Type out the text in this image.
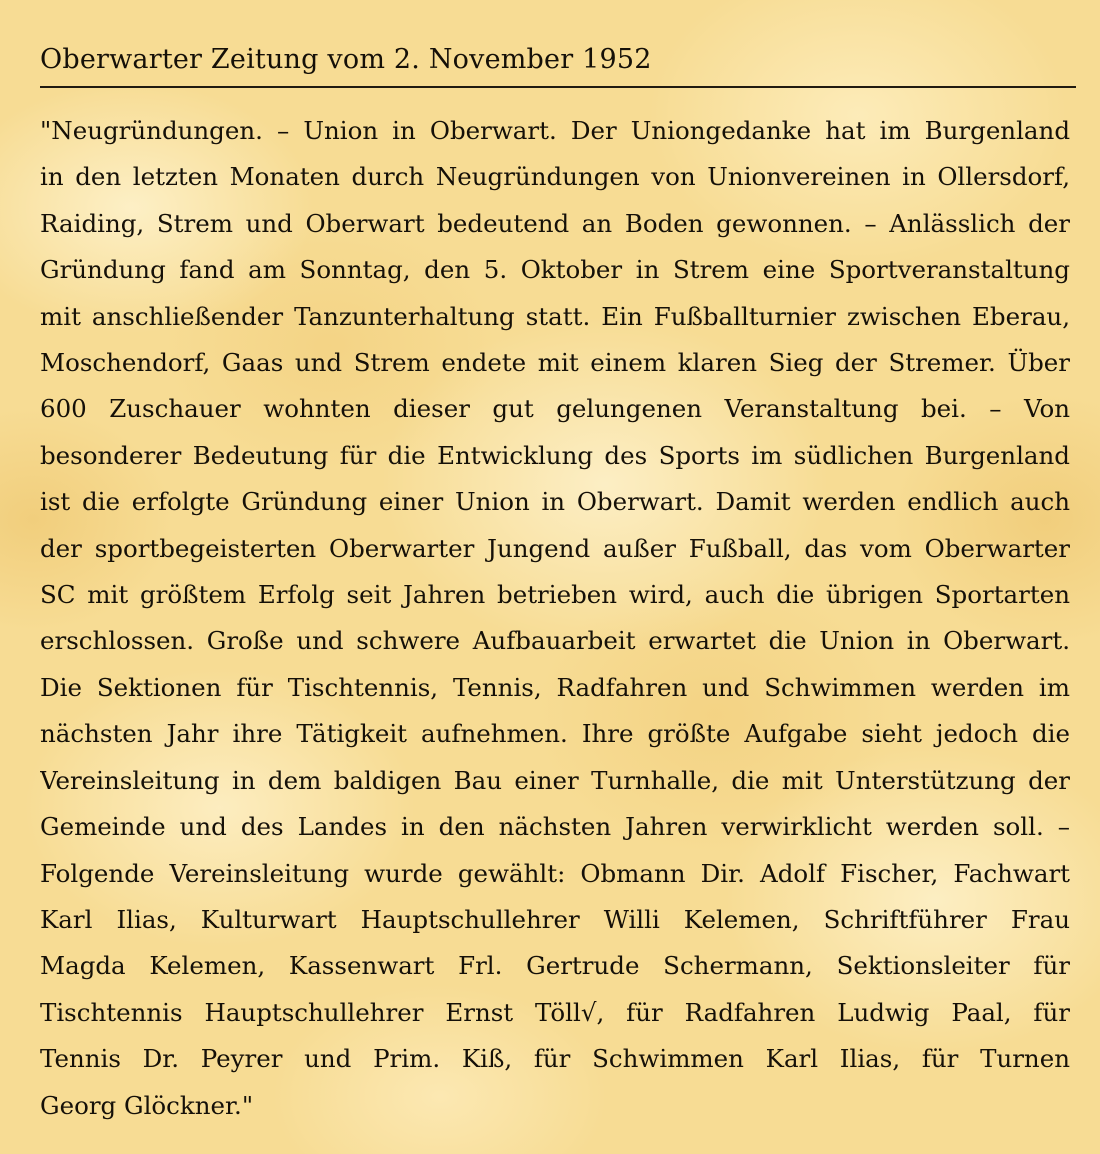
Oberwarter Zeitung vom 2. November 1952
"Neugründungen. – Union in Oberwart. Der Uniongedanke hat im Burgenland
in den letzten Monaten durch Neugründungen von Unionvereinen in Ollersdorf,
Raiding, Strem und Oberwart bedeutend an Boden gewonnen. – Anlässlich der
Gründung fand am Sonntag, den 5. Oktober in Strem eine Sportveranstaltung
mit anschließender Tanzunterhaltung statt. Ein Fußballturnier zwischen Eberau,
Moschendorf, Gaas und Strem endete mit einem klaren Sieg der Stremer. Über
600 Zuschauer wohnten dieser gut gelungenen Veranstaltung bei. – Von
besonderer Bedeutung für die Entwicklung des Sports im südlichen Burgenland
ist die erfolgte Gründung einer Union in Oberwart. Damit werden endlich auch
der sportbegeisterten Oberwarter Jungend außer Fußball, das vom Oberwarter
SC mit größtem Erfolg seit Jahren betrieben wird, auch die übrigen Sportarten
erschlossen. Große und schwere Aufbauarbeit erwartet die Union in Oberwart.
Die Sektionen für Tischtennis, Tennis, Radfahren und Schwimmen werden im
nächsten Jahr ihre Tätigkeit aufnehmen. Ihre größte Aufgabe sieht jedoch die
Vereinsleitung in dem baldigen Bau einer Turnhalle, die mit Unterstützung der
Gemeinde und des Landes in den nächsten Jahren verwirklicht werden soll. –
Folgende Vereinsleitung wurde gewählt: Obmann Dir. Adolf Fischer, Fachwart
Karl Ilias, Kulturwart Hauptschullehrer Willi Kelemen, Schriftführer Frau
Magda Kelemen, Kassenwart Frl. Gertrude Schermann, Sektionsleiter für
Tischtennis Hauptschullehrer Ernst Töll√, für Radfahren Ludwig Paal, für
Tennis Dr. Peyrer und Prim. Kiß, für Schwimmen Karl Ilias, für Turnen
Georg Glöckner."
